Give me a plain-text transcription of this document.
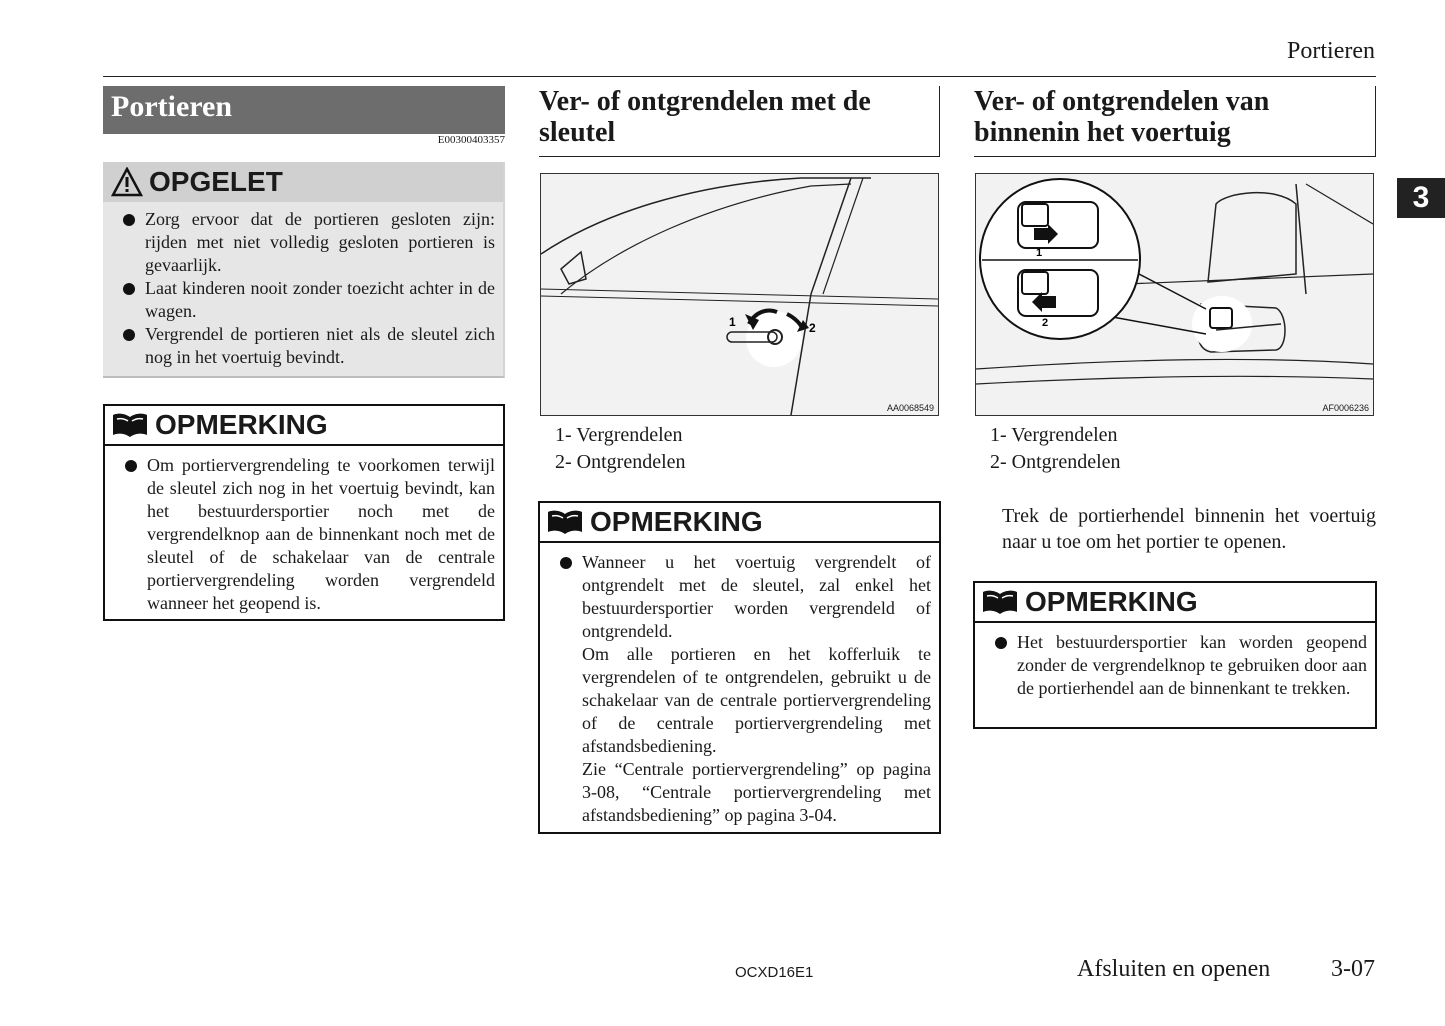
Portieren
3
Portieren
E00300403357
OPGELET
Zorg ervoor dat de portieren gesloten zijn: rijden met niet volledig gesloten portieren is gevaarlijk.
Laat kinderen nooit zonder toezicht achter in de wagen.
Vergrendel de portieren niet als de sleutel zich nog in het voertuig bevindt.
OPMERKING
Om portiervergrendeling te voorkomen terwijl de sleutel zich nog in het voertuig bevindt, kan het bestuurdersportier noch met de vergrendelknop aan de binnenkant noch met de sleutel of de schakelaar van de centrale portiervergrendeling worden vergrendeld wanneer het geopend is.
Ver- of ontgrendelen met de sleutel
1	2
AA0068549
1- Vergrendelen
2- Ontgrendelen
OPMERKING
Wanneer u het voertuig vergrendelt of ontgrendelt met de sleutel, zal enkel het bestuurdersportier worden vergrendeld of ontgrendeld.
Om alle portieren en het kofferluik te vergrendelen of te ontgrendelen, gebruikt u de schakelaar van de centrale portiervergrendeling of de centrale portiervergrendeling met afstandsbediening.
Zie “Centrale portiervergrendeling” op pagina 3-08, “Centrale portiervergrendeling met afstandsbediening” op pagina 3-04.
Ver- of ontgrendelen van binnenin het voertuig
1
2
AF0006236
1- Vergrendelen
2- Ontgrendelen
Trek de portierhendel binnenin het voertuig naar u toe om het portier te openen.
OPMERKING
Het bestuurdersportier kan worden geopend zonder de vergrendelknop te gebruiken door aan de portierhendel aan de binnenkant te trekken.
OCXD16E1	Afsluiten en openen	3-07
